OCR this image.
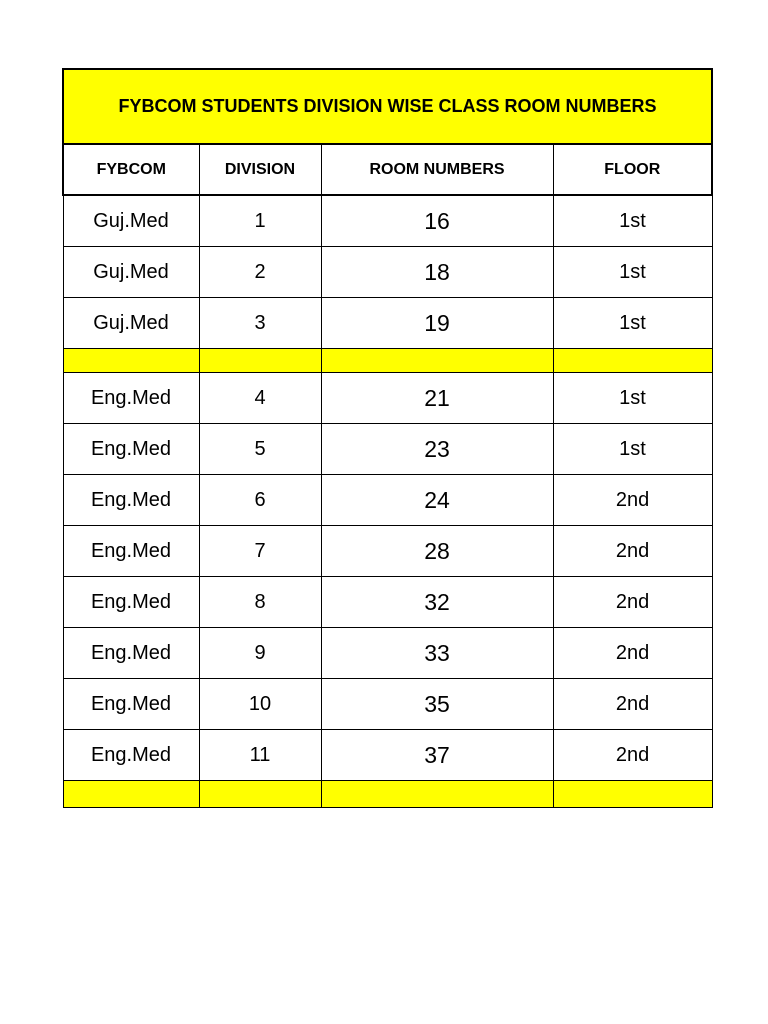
FYBCOM STUDENTS DIVISION WISE CLASS ROOM NUMBERS			
FYBCOM	DIVISION	ROOM NUMBERS	FLOOR
Guj.Med	1	16	1st
Guj.Med	2	18	1st
Guj.Med	3	19	1st

Eng.Med	4	21	1st
Eng.Med	5	23	1st
Eng.Med	6	24	2nd
Eng.Med	7	28	2nd
Eng.Med	8	32	2nd
Eng.Med	9	33	2nd
Eng.Med	10	35	2nd
Eng.Med	11	37	2nd
